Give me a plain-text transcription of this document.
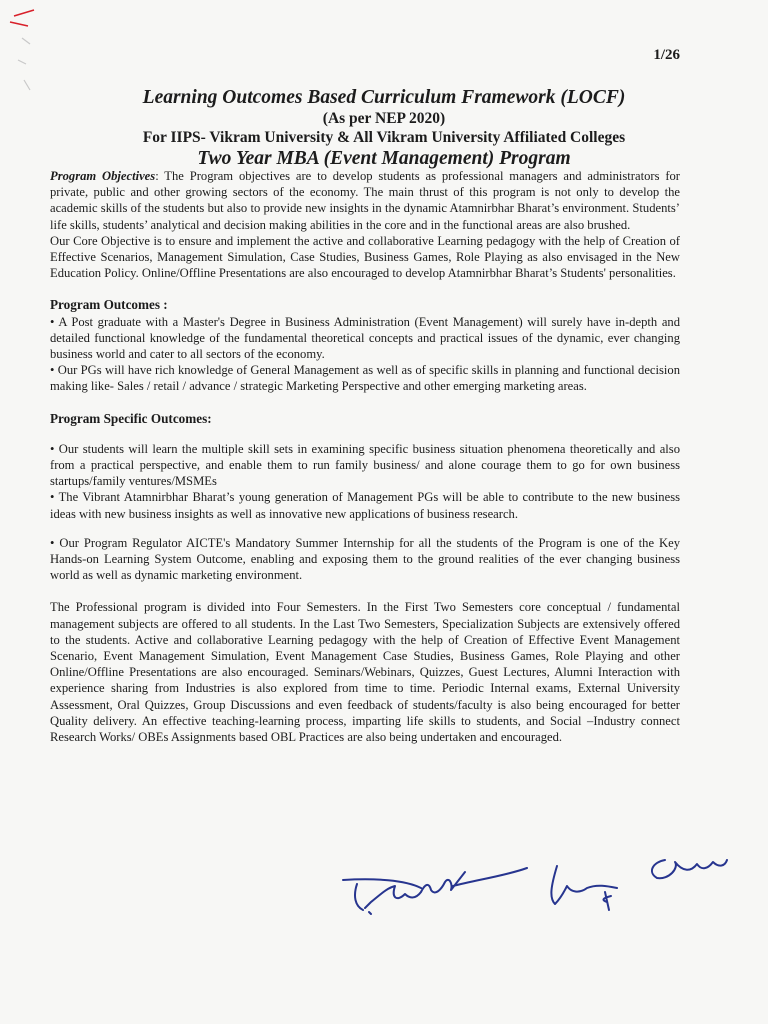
1/26
Learning Outcomes Based Curriculum Framework (LOCF)
(As per NEP 2020)
For IIPS- Vikram University & All Vikram University Affiliated Colleges
Two Year MBA (Event Management) Program

Program Objectives: The Program objectives are to develop students as professional managers and administrators for private, public and other growing sectors of the economy. The main thrust of this program is not only to develop the academic skills of the students but also to provide new insights in the dynamic Atamnirbhar Bharat’s environment. Students’ life skills, students’ analytical and decision making abilities in the core and in the functional areas are also brushed.

Our Core Objective is to ensure and implement the active and collaborative Learning pedagogy with the help of Creation of Effective Scenarios, Management Simulation, Case Studies, Business Games, Role Playing as also envisaged in the New Education Policy. Online/Offline Presentations are also encouraged to develop Atamnirbhar Bharat’s Students' personalities.

Program Outcomes :

• A Post graduate with a Master's Degree in Business Administration (Event Management) will surely have in-depth and detailed functional knowledge of the fundamental theoretical concepts and practical issues of the dynamic, ever changing business world and cater to all sectors of the economy.

• Our PGs will have rich knowledge of General Management as well as of specific skills in planning and functional decision making like- Sales / retail / advance / strategic Marketing Perspective and other emerging marketing areas.

Program Specific Outcomes:

• Our students will learn the multiple skill sets in examining specific business situation phenomena theoretically and also from a practical perspective, and enable them to run family business/ and alone courage them to go for own business startups/family ventures/MSMEs

• The Vibrant Atamnirbhar Bharat’s young generation of Management PGs will be able to contribute to the new business ideas with new business insights as well as innovative new applications of business research.

• Our Program Regulator AICTE's Mandatory Summer Internship for all the students of the Program is one of the Key Hands-on Learning System Outcome, enabling and exposing them to the ground realities of the ever changing business world as well as dynamic marketing environment.

The Professional program is divided into Four Semesters. In the First Two Semesters core conceptual / fundamental management subjects are offered to all students. In the Last Two Semesters, Specialization Subjects are extensively offered to the students. Active and collaborative Learning pedagogy with the help of Creation of Effective Event Management Scenario, Event Management Simulation, Event Management Case Studies, Business Games, Role Playing and other Online/Offline Presentations are also encouraged. Seminars/Webinars, Quizzes, Guest Lectures, Alumni Interaction with experience sharing from Industries is also explored from time to time. Periodic Internal exams, External University Assessment, Oral Quizzes, Group Discussions and even feedback of students/faculty is also being encouraged for better Quality delivery. An effective teaching-learning process, imparting life skills to students, and Social –Industry connect Research Works/ OBEs Assignments based OBL Practices are also being undertaken and encouraged.
